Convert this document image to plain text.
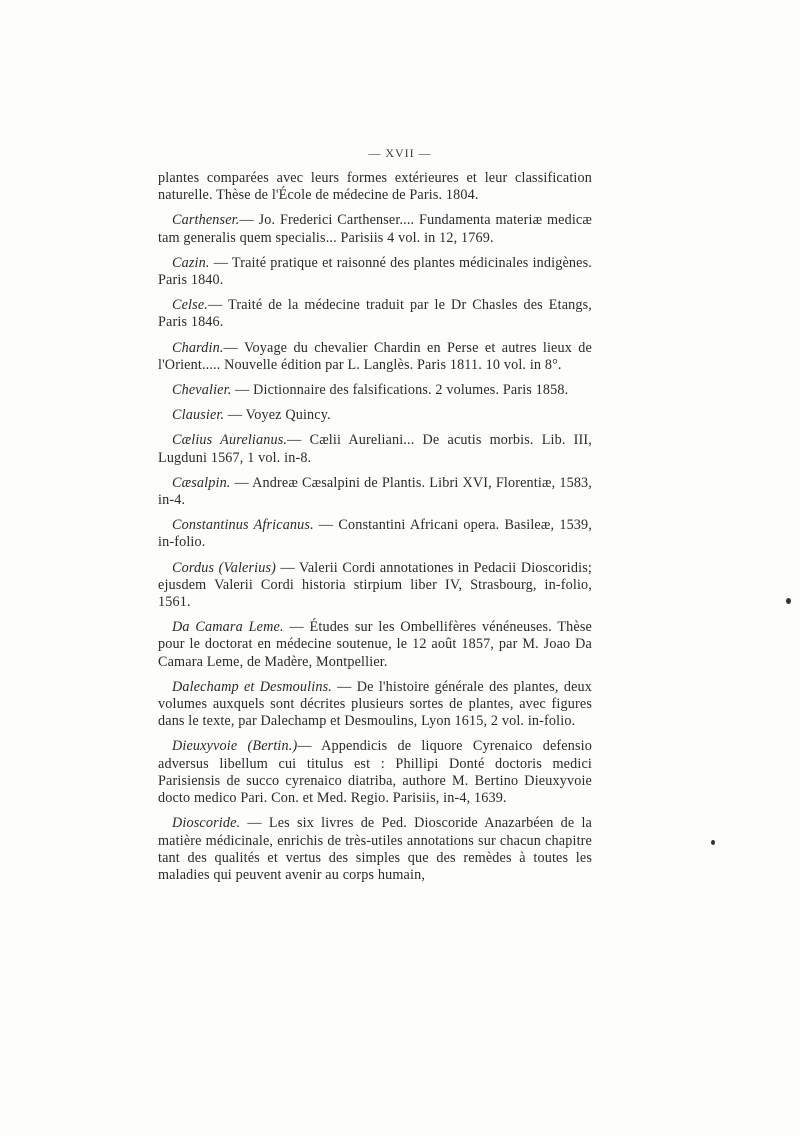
— XVII —

plantes comparées avec leurs formes extérieures et leur classification naturelle. Thèse de l'École de médecine de Paris. 1804.

Carthenser.— Jo. Frederici Carthenser.... Fundamenta materiæ medicæ tam generalis quem specialis... Parisiis 4 vol. in 12, 1769.

Cazin. — Traité pratique et raisonné des plantes médicinales indigènes. Paris 1840.

Celse.— Traité de la médecine traduit par le Dr Chasles des Etangs, Paris 1846.

Chardin.— Voyage du chevalier Chardin en Perse et autres lieux de l'Orient..... Nouvelle édition par L. Langlès. Paris 1811. 10 vol. in 8°.

Chevalier. — Dictionnaire des falsifications. 2 volumes. Paris 1858.

Clausier. — Voyez Quincy.

Cælius Aurelianus.— Cælii Aureliani... De acutis morbis. Lib. III, Lugduni 1567, 1 vol. in-8.

Cæsalpin. — Andreæ Cæsalpini de Plantis. Libri XVI, Florentiæ, 1583, in-4.

Constantinus Africanus. — Constantini Africani opera. Basileæ, 1539, in-folio.

Cordus (Valerius) — Valerii Cordi annotationes in Pedacii Dioscoridis; ejusdem Valerii Cordi historia stirpium liber IV, Strasbourg, in-folio, 1561.

Da Camara Leme. — Études sur les Ombellifères vénéneuses. Thèse pour le doctorat en médecine soutenue, le 12 août 1857, par M. Joao Da Camara Leme, de Madère, Montpellier.

Dalechamp et Desmoulins. — De l'histoire générale des plantes, deux volumes auxquels sont décrites plusieurs sortes de plantes, avec figures dans le texte, par Dalechamp et Desmoulins, Lyon 1615, 2 vol. in-folio.

Dieuxyvoie (Bertin.)— Appendicis de liquore Cyrenaico defensio adversus libellum cui titulus est : Phillipi Donté doctoris medici Parisiensis de succo cyrenaico diatriba, authore M. Bertino Dieuxyvoie docto medico Pari. Con. et Med. Regio. Parisiis, in-4, 1639.

Dioscoride. — Les six livres de Ped. Dioscoride Anazarbéen de la matière médicinale, enrichis de très-utiles annotations sur chacun chapitre tant des qualités et vertus des simples que des remèdes à toutes les maladies qui peuvent avenir au corps humain,
